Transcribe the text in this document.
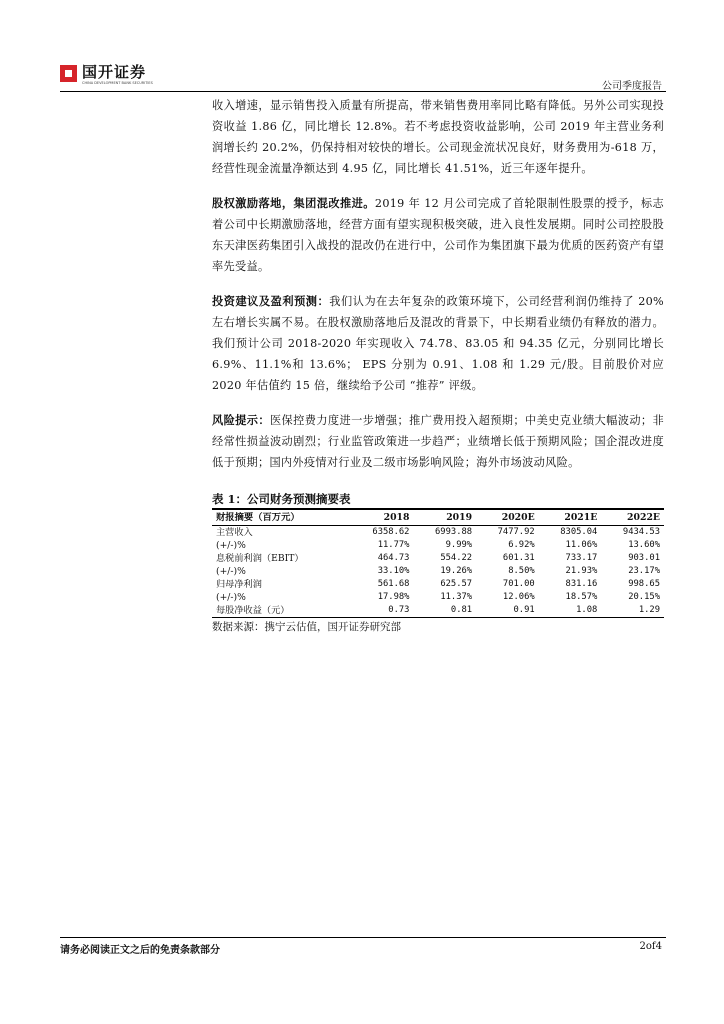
国开证券
CHINA DEVELOPMENT BANK SECURITIES	公司季度报告

收入增速，显示销售投入质量有所提高，带来销售费用率同比略有降低。另外公司实现投资收益 1.86 亿，同比增长 12.8%。若不考虑投资收益影响，公司 2019 年主营业务利润增长约 20.2%，仍保持相对较快的增长。公司现金流状况良好，财务费用为-618 万，经营性现金流量净额达到 4.95 亿，同比增长 41.51%，近三年逐年提升。

股权激励落地，集团混改推进。2019 年 12 月公司完成了首轮限制性股票的授予，标志着公司中长期激励落地，经营方面有望实现积极突破，进入良性发展期。同时公司控股股东天津医药集团引入战投的混改仍在进行中，公司作为集团旗下最为优质的医药资产有望率先受益。

投资建议及盈利预测：我们认为在去年复杂的政策环境下，公司经营利润仍维持了 20%左右增长实属不易。在股权激励落地后及混改的背景下，中长期看业绩仍有释放的潜力。我们预计公司 2018-2020 年实现收入 74.78、83.05 和 94.35 亿元，分别同比增长 6.9%、11.1%和 13.6%； EPS 分别为 0.91、1.08 和 1.29 元/股。目前股价对应 2020 年估值约 15 倍，继续给予公司 “推荐” 评级。

风险提示：医保控费力度进一步增强；推广费用投入超预期；中美史克业绩大幅波动；非经常性损益波动剧烈；行业监管政策进一步趋严；业绩增长低于预期风险；国企混改进度低于预期；国内外疫情对行业及二级市场影响风险；海外市场波动风险。

表 1：公司财务预测摘要表
财报摘要（百万元）	2018	2019	2020E	2021E	2022E
主营收入	6358.62	6993.88	7477.92	8305.04	9434.53
(+/-)%	11.77%	9.99%	6.92%	11.06%	13.60%
息税前利润（EBIT）	464.73	554.22	601.31	733.17	903.01
(+/-)%	33.10%	19.26%	8.50%	21.93%	23.17%
归母净利润	561.68	625.57	701.00	831.16	998.65
(+/-)%	17.98%	11.37%	12.06%	18.57%	20.15%
每股净收益（元）	0.73	0.81	0.91	1.08	1.29
数据来源：携宁云估值，国开证券研究部
请务必阅读正文之后的免责条款部分	2of4
